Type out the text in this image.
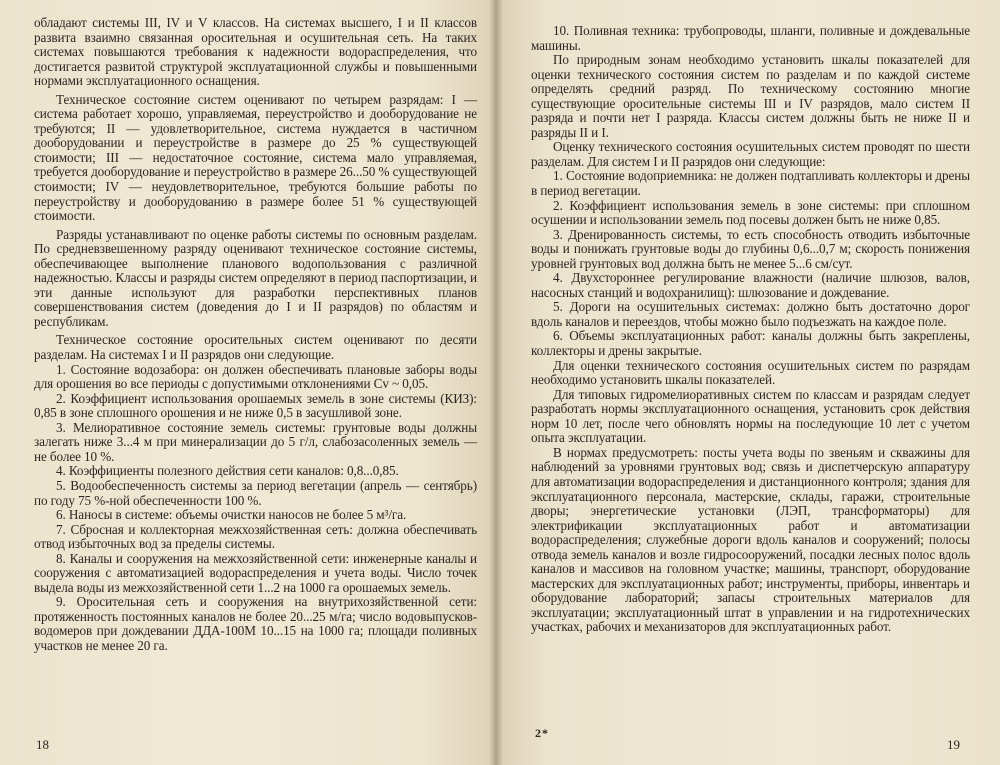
обладают системы III, IV и V классов. На системах высшего, I и II классов развита взаимно связанная оросительная и осушительная сеть. На таких системах повышаются требования к надежности водораспределения, что достигается развитой структурой эксплуатационной службы и повышенными нормами эксплуатационного оснащения.

Техническое состояние систем оценивают по четырем разрядам: I — система работает хорошо, управляемая, переустройство и дооборудование не требуются; II — удовлетворительное, система нуждается в частичном дооборудовании и переустройстве в размере до 25 % существующей стоимости; III — недостаточное состояние, система мало управляемая, требуется дооборудование и переустройство в размере 26...50 % существующей стоимости; IV — неудовлетворительное, требуются большие работы по переустройству и дооборудованию в размере более 51 % существующей стоимости.

Разряды устанавливают по оценке работы системы по основным разделам. По средневзвешенному разряду оценивают техническое состояние системы, обеспечивающее выполнение планового водопользования с различной надежностью. Классы и разряды систем определяют в период паспортизации, и эти данные используют для разработки перспективных планов совершенствования систем (доведения до I и II разрядов) по областям и республикам.

Техническое состояние оросительных систем оценивают по десяти разделам. На системах I и II разрядов они следующие.

1. Состояние водозабора: он должен обеспечивать плановые заборы воды для орошения во все периоды с допустимыми отклонениями Cv ~ 0,05.

2. Коэффициент использования орошаемых земель в зоне системы (КИЗ): 0,85 в зоне сплошного орошения и не ниже 0,5 в засушливой зоне.

3. Мелиоративное состояние земель системы: грунтовые воды должны залегать ниже 3...4 м при минерализации до 5 г/л, слабозасоленных земель — не более 10 %.

4. Коэффициенты полезного действия сети каналов: 0,8...0,85.

5. Водообеспеченность системы за период вегетации (апрель — сентябрь) по году 75 %-ной обеспеченности 100 %.

6. Наносы в системе: объемы очистки наносов не более 5 м³/га.

7. Сбросная и коллекторная межхозяйственная сеть: должна обеспечивать отвод избыточных вод за пределы системы.

8. Каналы и сооружения на межхозяйственной сети: инженерные каналы и сооружения с автоматизацией водораспределения и учета воды. Число точек выдела воды из межхозяйственной сети 1...2 на 1000 га орошаемых земель.

9. Оросительная сеть и сооружения на внутрихозяйственной сети: протяженность постоянных каналов не более 20...25 м/га; число водовыпусков-водомеров при дождевании ДДА-100М 10...15 на 1000 га; площади поливных участков не менее 20 га.

18

10. Поливная техника: трубопроводы, шланги, поливные и дождевальные машины.

По природным зонам необходимо установить шкалы показателей для оценки технического состояния систем по разделам и по каждой системе определять средний разряд. По техническому состоянию многие существующие оросительные системы III и IV разрядов, мало систем II разряда и почти нет I разряда. Классы систем должны быть не ниже II и разряды II и I.

Оценку технического состояния осушительных систем проводят по шести разделам. Для систем I и II разрядов они следующие:

1. Состояние водоприемника: не должен подтапливать коллекторы и дрены в период вегетации.

2. Коэффициент использования земель в зоне системы: при сплошном осушении и использовании земель под посевы должен быть не ниже 0,85.

3. Дренированность системы, то есть способность отводить избыточные воды и понижать грунтовые воды до глубины 0,6...0,7 м; скорость понижения уровней грунтовых вод должна быть не менее 5...6 см/сут.

4. Двухстороннее регулирование влажности (наличие шлюзов, валов, насосных станций и водохранилищ): шлюзование и дождевание.

5. Дороги на осушительных системах: должно быть достаточно дорог вдоль каналов и переездов, чтобы можно было подъезжать на каждое поле.

6. Объемы эксплуатационных работ: каналы должны быть закреплены, коллекторы и дрены закрытые.

Для оценки технического состояния осушительных систем по разрядам необходимо установить шкалы показателей.

Для типовых гидромелиоративных систем по классам и разрядам следует разработать нормы эксплуатационного оснащения, установить срок действия норм 10 лет, после чего обновлять нормы на последующие 10 лет с учетом опыта эксплуатации.

В нормах предусмотреть: посты учета воды по звеньям и скважины для наблюдений за уровнями грунтовых вод; связь и диспетчерскую аппаратуру для автоматизации водораспределения и дистанционного контроля; здания для эксплуатационного персонала, мастерские, склады, гаражи, строительные дворы; энергетические установки (ЛЭП, трансформаторы) для электрификации эксплуатационных работ и автоматизации водораспределения; служебные дороги вдоль каналов и сооружений; полосы отвода земель каналов и возле гидросооружений, посадки лесных полос вдоль каналов и массивов на головном участке; машины, транспорт, оборудование мастерских для эксплуатационных работ; инструменты, приборы, инвентарь и оборудование лабораторий; запасы строительных материалов для эксплуатации; эксплуатационный штат в управлении и на гидротехнических участках, рабочих и механизаторов для эксплуатационных работ.

2*
19
